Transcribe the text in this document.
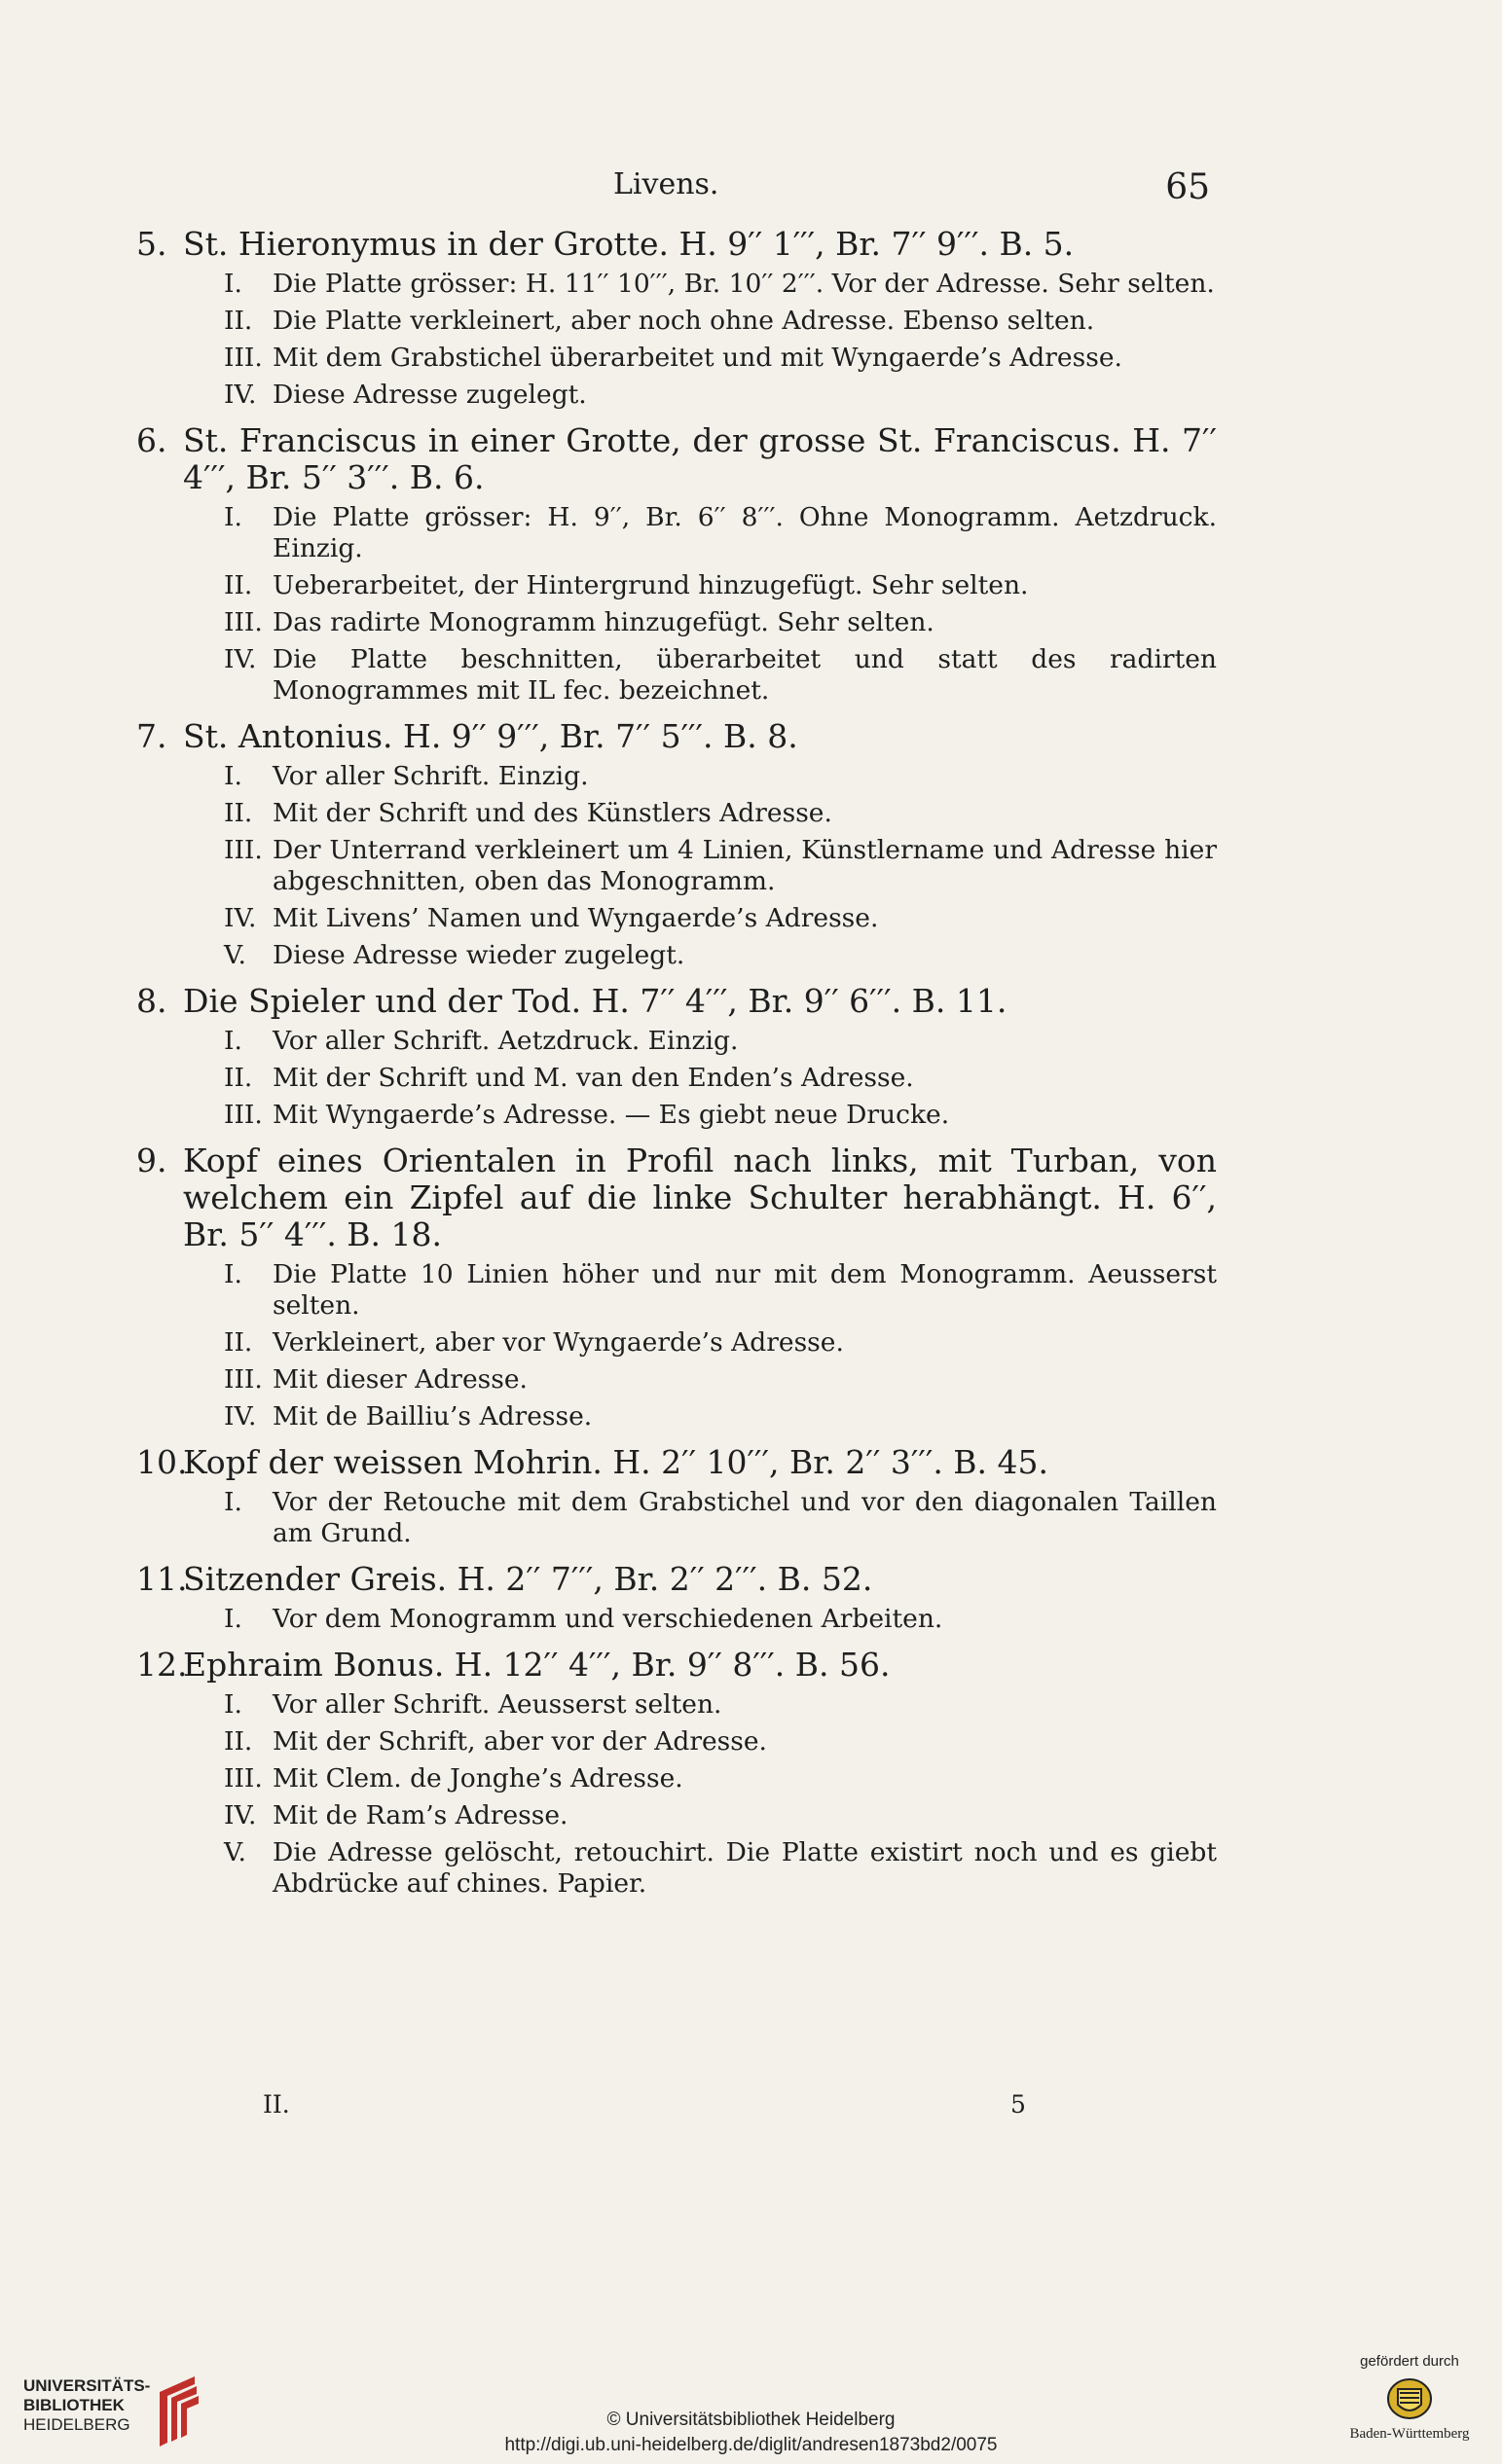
Livens.	65
5. St. Hieronymus in der Grotte. H. 9′′ 1′′′, Br. 7′′ 9′′′. B. 5.
I. Die Platte grösser: H. 11′′ 10′′′, Br. 10′′ 2′′′. Vor der Adresse. Sehr selten.
II. Die Platte verkleinert, aber noch ohne Adresse. Ebenso selten.
III. Mit dem Grabstichel überarbeitet und mit Wyngaerde’s Adresse.
IV. Diese Adresse zugelegt.
6. St. Franciscus in einer Grotte, der grosse St. Franciscus. H. 7′′ 4′′′, Br. 5′′ 3′′′. B. 6.
I. Die Platte grösser: H. 9′′, Br. 6′′ 8′′′. Ohne Monogramm. Aetzdruck. Einzig.
II. Ueberarbeitet, der Hintergrund hinzugefügt. Sehr selten.
III. Das radirte Monogramm hinzugefügt. Sehr selten.
IV. Die Platte beschnitten, überarbeitet und statt des radirten Monogrammes mit IL fec. bezeichnet.
7. St. Antonius. H. 9′′ 9′′′, Br. 7′′ 5′′′. B. 8.
I. Vor aller Schrift. Einzig.
II. Mit der Schrift und des Künstlers Adresse.
III. Der Unterrand verkleinert um 4 Linien, Künstlername und Adresse hier abgeschnitten, oben das Monogramm.
IV. Mit Livens’ Namen und Wyngaerde’s Adresse.
V. Diese Adresse wieder zugelegt.
8. Die Spieler und der Tod. H. 7′′ 4′′′, Br. 9′′ 6′′′. B. 11.
I. Vor aller Schrift. Aetzdruck. Einzig.
II. Mit der Schrift und M. van den Enden’s Adresse.
III. Mit Wyngaerde’s Adresse. — Es giebt neue Drucke.
9. Kopf eines Orientalen in Profil nach links, mit Turban, von welchem ein Zipfel auf die linke Schulter herabhängt. H. 6′′, Br. 5′′ 4′′′. B. 18.
I. Die Platte 10 Linien höher und nur mit dem Monogramm. Aeusserst selten.
II. Verkleinert, aber vor Wyngaerde’s Adresse.
III. Mit dieser Adresse.
IV. Mit de Bailliu’s Adresse.
10.Kopf der weissen Mohrin. H. 2′′ 10′′′, Br. 2′′ 3′′′. B. 45.
I. Vor der Retouche mit dem Grabstichel und vor den diagonalen Taillen am Grund.
11.Sitzender Greis. H. 2′′ 7′′′, Br. 2′′ 2′′′. B. 52.
I. Vor dem Monogramm und verschiedenen Arbeiten.
12.Ephraim Bonus. H. 12′′ 4′′′, Br. 9′′ 8′′′. B. 56.
I. Vor aller Schrift. Aeusserst selten.
II. Mit der Schrift, aber vor der Adresse.
III. Mit Clem. de Jonghe’s Adresse.
IV. Mit de Ram’s Adresse.
V. Die Adresse gelöscht, retouchirt. Die Platte existirt noch und es giebt Abdrücke auf chines. Papier.
II.	5
UNIVERSITÄTS-
BIBLIOTHEK
HEIDELBERG	© Universitätsbibliothek Heidelberg
http://digi.ub.uni-heidelberg.de/diglit/andresen1873bd2/0075
gefördert durch
Baden-Württemberg
